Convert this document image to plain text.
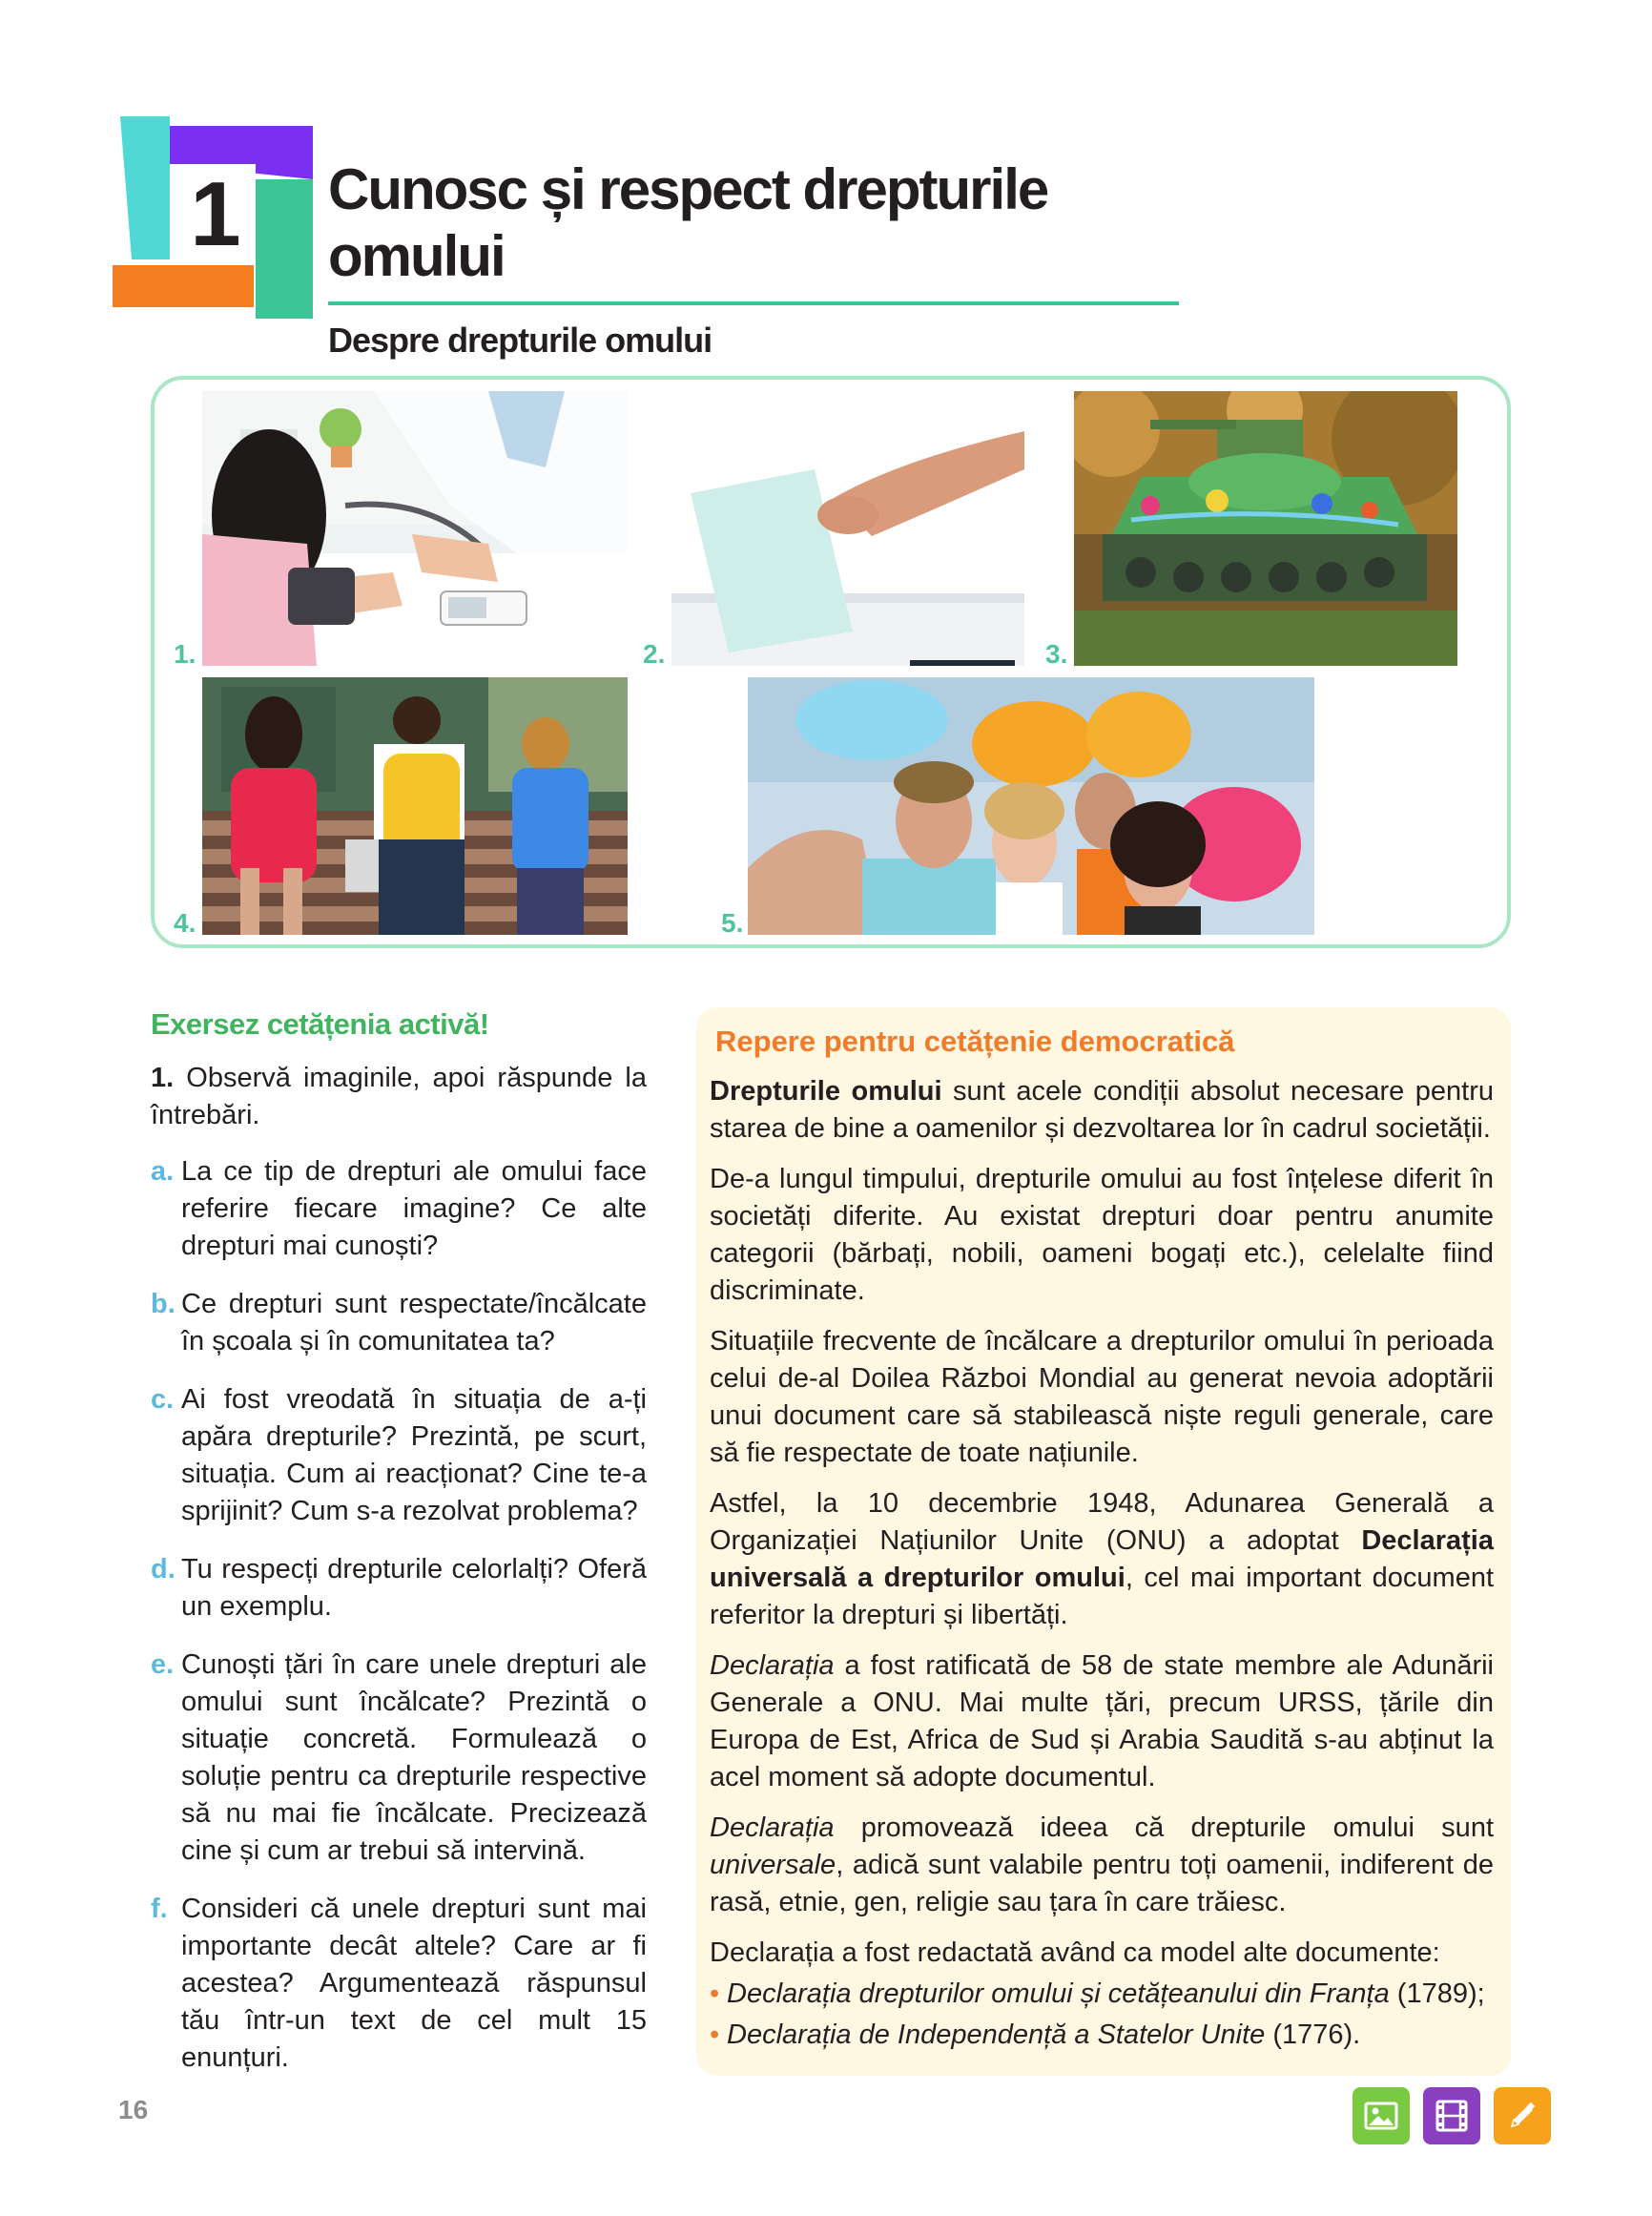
1 Cunosc și respect drepturile omului
Despre drepturile omului
1.	2.	3.
4.	5.
Exersez cetățenia activă!
1. Observă imaginile, apoi răspunde la întrebări.
a. La ce tip de drepturi ale omului face referire fiecare imagine? Ce alte drepturi mai cunoști?
b. Ce drepturi sunt respectate/încălcate în școala și în comunitatea ta?
c. Ai fost vreodată în situația de a-ți apăra drepturile? Prezintă, pe scurt, situația. Cum ai reacționat? Cine te-a sprijinit? Cum s-a rezolvat problema?
d. Tu respecți drepturile celorlalți? Oferă un exemplu.
e. Cunoști țări în care unele drepturi ale omului sunt încălcate? Prezintă o situație concretă. Formulează o soluție pentru ca drepturile respective să nu mai fie încălcate. Precizează cine și cum ar trebui să intervină.
f. Consideri că unele drepturi sunt mai importante decât altele? Care ar fi acestea? Argumentează răspunsul tău într-un text de cel mult 15 enunțuri.
Repere pentru cetățenie democratică

Drepturile omului sunt acele condiții absolut necesare pentru starea de bine a oamenilor și dezvoltarea lor în cadrul societății.

De-a lungul timpului, drepturile omului au fost înțelese diferit în societăți diferite. Au existat drepturi doar pentru anumite categorii (bărbați, nobili, oameni bogați etc.), celelalte fiind discriminate.

Situațiile frecvente de încălcare a drepturilor omului în perioada celui de-al Doilea Război Mondial au generat nevoia adoptării unui document care să stabilească niște reguli generale, care să fie respectate de toate națiunile.

Astfel, la 10 decembrie 1948, Adunarea Generală a Organizației Națiunilor Unite (ONU) a adoptat Declarația universală a drepturilor omului, cel mai important document referitor la drepturi și libertăți.

Declarația a fost ratificată de 58 de state membre ale Adunării Generale a ONU. Mai multe țări, precum URSS, țările din Europa de Est, Africa de Sud și Arabia Saudită s-au abținut la acel moment să adopte documentul.

Declarația promovează ideea că drepturile omului sunt universale, adică sunt valabile pentru toți oamenii, indiferent de rasă, etnie, gen, religie sau țara în care trăiesc.

Declarația a fost redactată având ca model alte documente:

• Declarația drepturilor omului și cetățeanului din Franța (1789);
• Declarația de Independență a Statelor Unite (1776).
16
